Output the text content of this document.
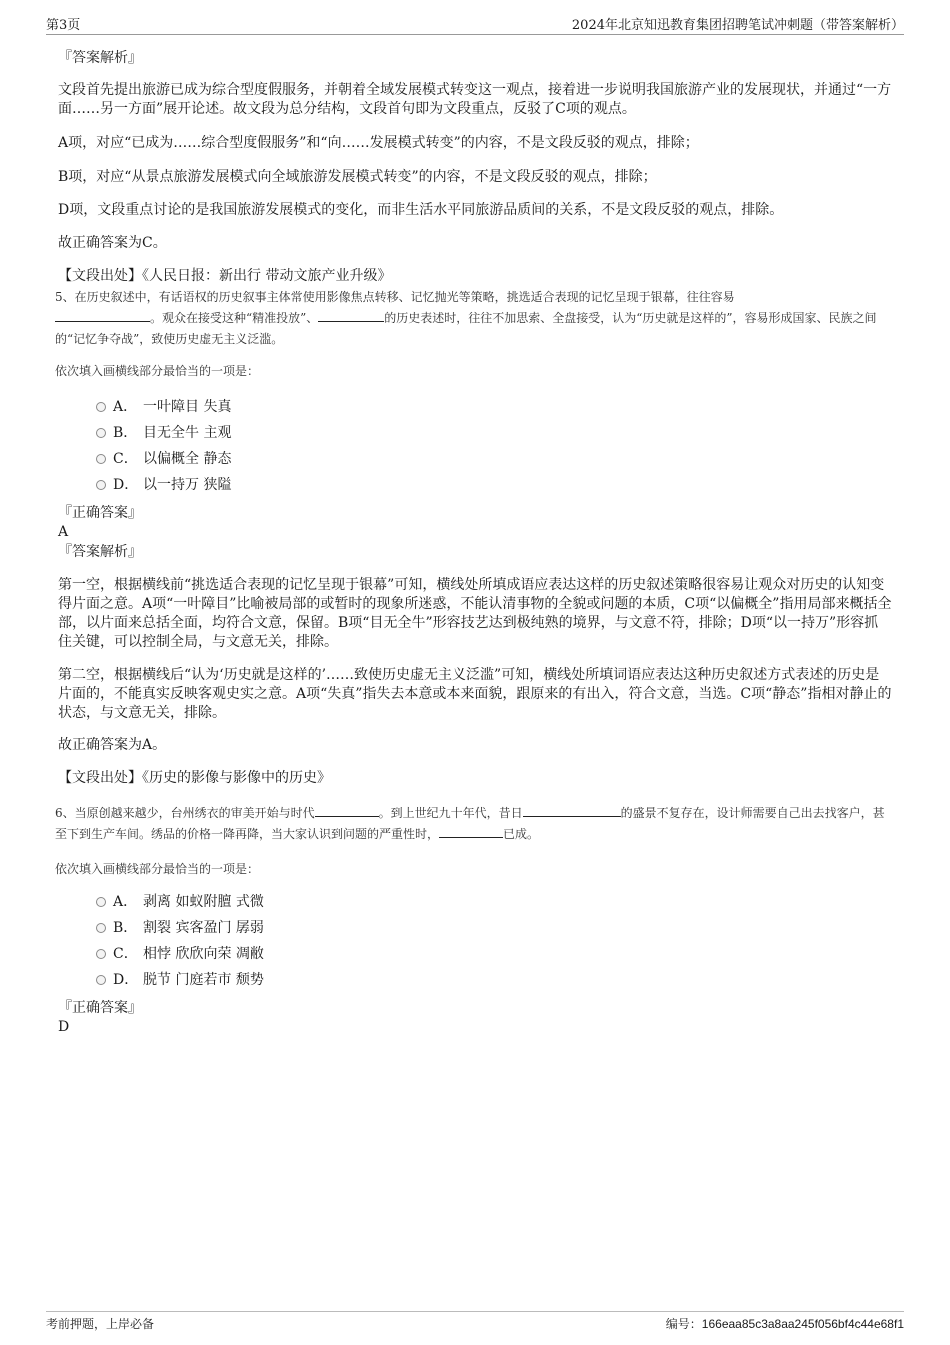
第3页	2024年北京知迅教育集团招聘笔试冲刺题（带答案解析）
『答案解析』
文段首先提出旅游已成为综合型度假服务，并朝着全域发展模式转变这一观点，接着进一步说明我国旅游产业的发展现状，并通过“一方面……另一方面”展开论述。故文段为总分结构，文段首句即为文段重点，反驳了C项的观点。
A项，对应“已成为……综合型度假服务”和“向……发展模式转变”的内容，不是文段反驳的观点，排除；
B项，对应“从景点旅游发展模式向全域旅游发展模式转变”的内容，不是文段反驳的观点，排除；
D项，文段重点讨论的是我国旅游发展模式的变化，而非生活水平同旅游品质间的关系，不是文段反驳的观点，排除。
故正确答案为C。
【文段出处】《人民日报：新出行 带动文旅产业升级》
5、在历史叙述中，有话语权的历史叙事主体常使用影像焦点转移、记忆抛光等策略，挑选适合表现的记忆呈现于银幕，往往容易
。观众在接受这种“精准投放”、	的历史表述时，往往不加思索、全盘接受，认为“历史就是这样的”，容易形成国家、民族之间的“记忆争夺战”，致使历史虚无主义泛滥。
依次填入画横线部分最恰当的一项是：
A． 一叶障目 失真
B． 目无全牛 主观
C． 以偏概全 静态
D． 以一持万 狭隘
『正确答案』
A
『答案解析』
第一空，根据横线前“挑选适合表现的记忆呈现于银幕”可知，横线处所填成语应表达这样的历史叙述策略很容易让观众对历史的认知变得片面之意。A项“一叶障目”比喻被局部的或暂时的现象所迷惑，不能认清事物的全貌或问题的本质，C项“以偏概全”指用局部来概括全部，以片面来总括全面，均符合文意，保留。B项“目无全牛”形容技艺达到极纯熟的境界，与文意不符，排除；D项“以一持万”形容抓住关键，可以控制全局，与文意无关，排除。
第二空，根据横线后“认为‘历史就是这样的’……致使历史虚无主义泛滥”可知，横线处所填词语应表达这种历史叙述方式表述的历史是片面的，不能真实反映客观史实之意。A项“失真”指失去本意或本来面貌，跟原来的有出入，符合文意，当选。C项“静态”指相对静止的状态，与文意无关，排除。
故正确答案为A。
【文段出处】《历史的影像与影像中的历史》
6、当原创越来越少，台州绣衣的审美开始与时代	。到上世纪九十年代，昔日	的盛景不复存在，设计师需要自己出去找客户，甚至下到生产车间。绣品的价格一降再降，当大家认识到问题的严重性时，	已成。
依次填入画横线部分最恰当的一项是：
A． 剥离 如蚁附膻 式微
B． 割裂 宾客盈门 孱弱
C． 相悖 欣欣向荣 凋敝
D． 脱节 门庭若市 颓势
『正确答案』
D
考前押题，上岸必备	编号：166eaa85c3a8aa245f056bf4c44e68f1
